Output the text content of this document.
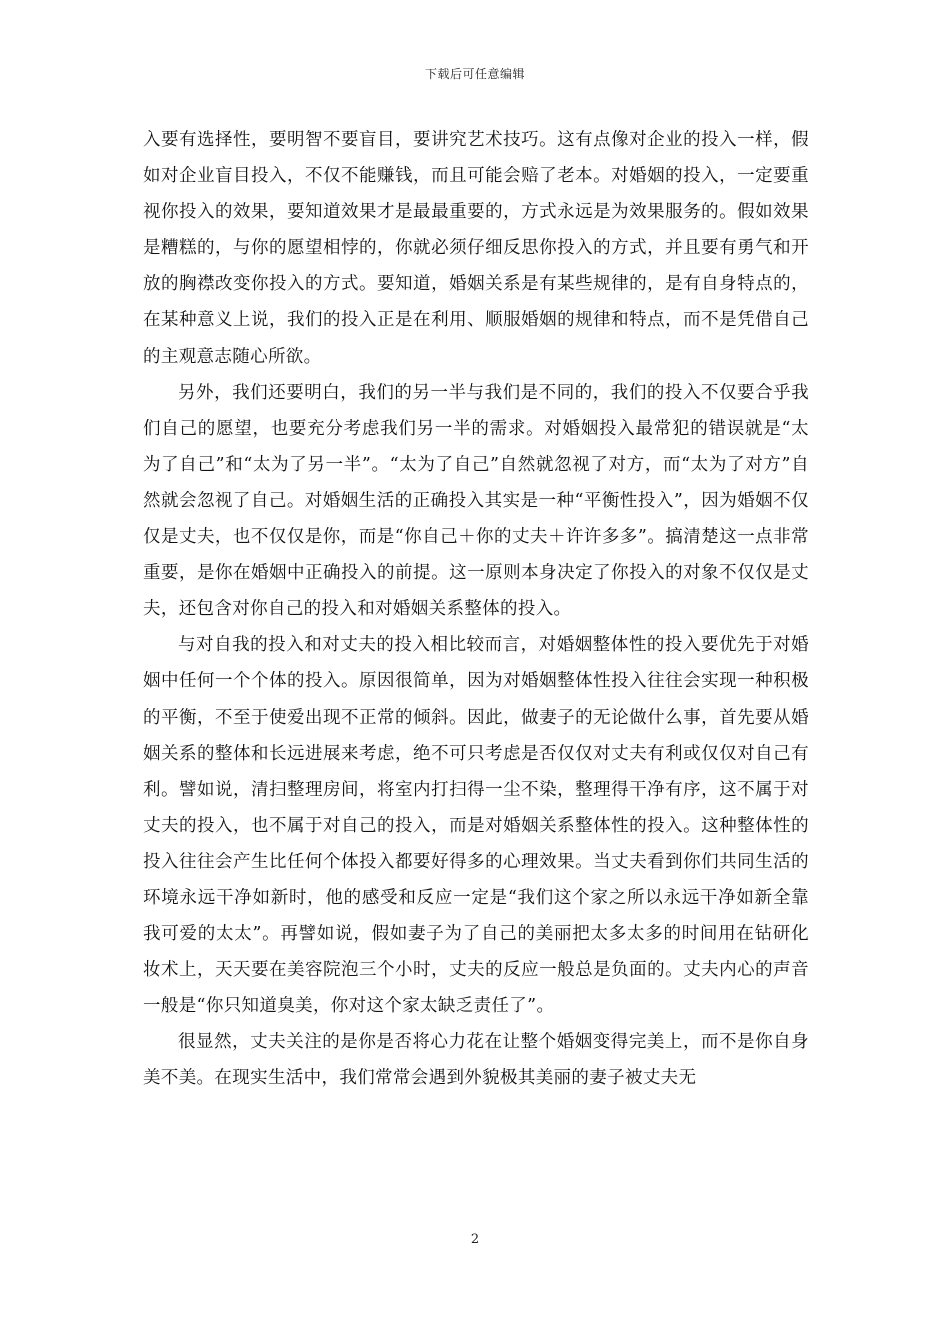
下载后可任意编辑

入要有选择性，要明智不要盲目，要讲究艺术技巧。这有点像对企业的投入一样，假如对企业盲目投入，不仅不能赚钱，而且可能会赔了老本。对婚姻的投入，一定要重视你投入的效果，要知道效果才是最最重要的，方式永远是为效果服务的。假如效果是糟糕的，与你的愿望相悖的，你就必须仔细反思你投入的方式，并且要有勇气和开放的胸襟改变你投入的方式。要知道，婚姻关系是有某些规律的，是有自身特点的，在某种意义上说，我们的投入正是在利用、顺服婚姻的规律和特点，而不是凭借自己的主观意志随心所欲。

另外，我们还要明白，我们的另一半与我们是不同的，我们的投入不仅要合乎我们自己的愿望，也要充分考虑我们另一半的需求。对婚姻投入最常犯的错误就是“太为了自己”和“太为了另一半”。“太为了自己”自然就忽视了对方，而“太为了对方”自然就会忽视了自己。对婚姻生活的正确投入其实是一种“平衡性投入”，因为婚姻不仅仅是丈夫，也不仅仅是你，而是“你自己＋你的丈夫＋许许多多”。搞清楚这一点非常重要，是你在婚姻中正确投入的前提。这一原则本身决定了你投入的对象不仅仅是丈夫，还包含对你自己的投入和对婚姻关系整体的投入。

与对自我的投入和对丈夫的投入相比较而言，对婚姻整体性的投入要优先于对婚姻中任何一个个体的投入。原因很简单，因为对婚姻整体性投入往往会实现一种积极的平衡，不至于使爱出现不正常的倾斜。因此，做妻子的无论做什么事，首先要从婚姻关系的整体和长远进展来考虑，绝不可只考虑是否仅仅对丈夫有利或仅仅对自己有利。譬如说，清扫整理房间，将室内打扫得一尘不染，整理得干净有序，这不属于对丈夫的投入，也不属于对自己的投入，而是对婚姻关系整体性的投入。这种整体性的投入往往会产生比任何个体投入都要好得多的心理效果。当丈夫看到你们共同生活的环境永远干净如新时，他的感受和反应一定是“我们这个家之所以永远干净如新全靠我可爱的太太”。再譬如说，假如妻子为了自己的美丽把太多太多的时间用在钻研化妆术上，天天要在美容院泡三个小时，丈夫的反应一般总是负面的。丈夫内心的声音一般是“你只知道臭美，你对这个家太缺乏责任了”。

很显然，丈夫关注的是你是否将心力花在让整个婚姻变得完美上，而不是你自身美不美。在现实生活中，我们常常会遇到外貌极其美丽的妻子被丈夫无

2
